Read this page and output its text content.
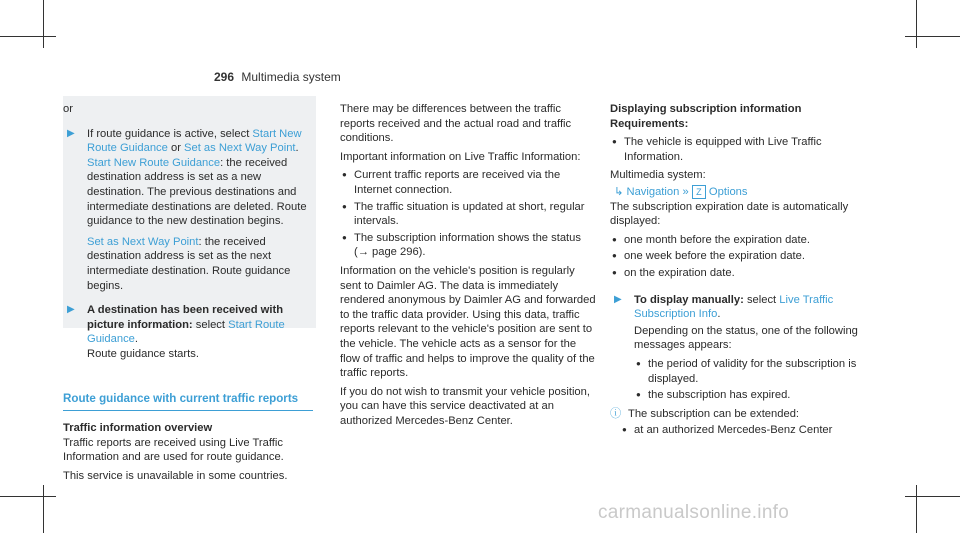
296 Multimedia system

or

▶ If route guidance is active, select Start New Route Guidance or Set as Next Way Point.

Start New Route Guidance: the received destination address is set as a new destination. The previous destinations and intermediate destinations are deleted. Route guidance to the new destination begins.

Set as Next Way Point: the received destination address is set as the next intermediate destination. Route guidance begins.

▶ A destination has been received with picture information: select Start Route Guidance.

Route guidance starts.

Route guidance with current traffic reports

Traffic information overview

Traffic reports are received using Live Traffic Information and are used for route guidance.

This service is unavailable in some countries.

There may be differences between the traffic reports received and the actual road and traffic conditions.

Important information on Live Traffic Information:

● Current traffic reports are received via the Internet connection.
● The traffic situation is updated at short, regular intervals.
● The subscription information shows the status (→ page 296).

Information on the vehicle's position is regularly sent to Daimler AG. The data is immediately rendered anonymous by Daimler AG and forwarded to the traffic data provider. Using this data, traffic reports relevant to the vehicle's position are sent to the vehicle. The vehicle acts as a sensor for the flow of traffic and helps to improve the quality of the traffic reports.

If you do not wish to transmit your vehicle position, you can have this service deactivated at an authorized Mercedes-Benz Center.

Displaying subscription information

Requirements:

● The vehicle is equipped with Live Traffic Information.

Multimedia system:

↳ Navigation » Z Options

The subscription expiration date is automatically displayed:

● one month before the expiration date.
● one week before the expiration date.
● on the expiration date.
▶ To display manually: select Live Traffic Subscription Info.

Depending on the status, one of the following messages appears:

● the period of validity for the subscription is displayed.
● the subscription has expired.
ⓘ The subscription can be extended:
● at an authorized Mercedes-Benz Center
carmanualsonline.info
